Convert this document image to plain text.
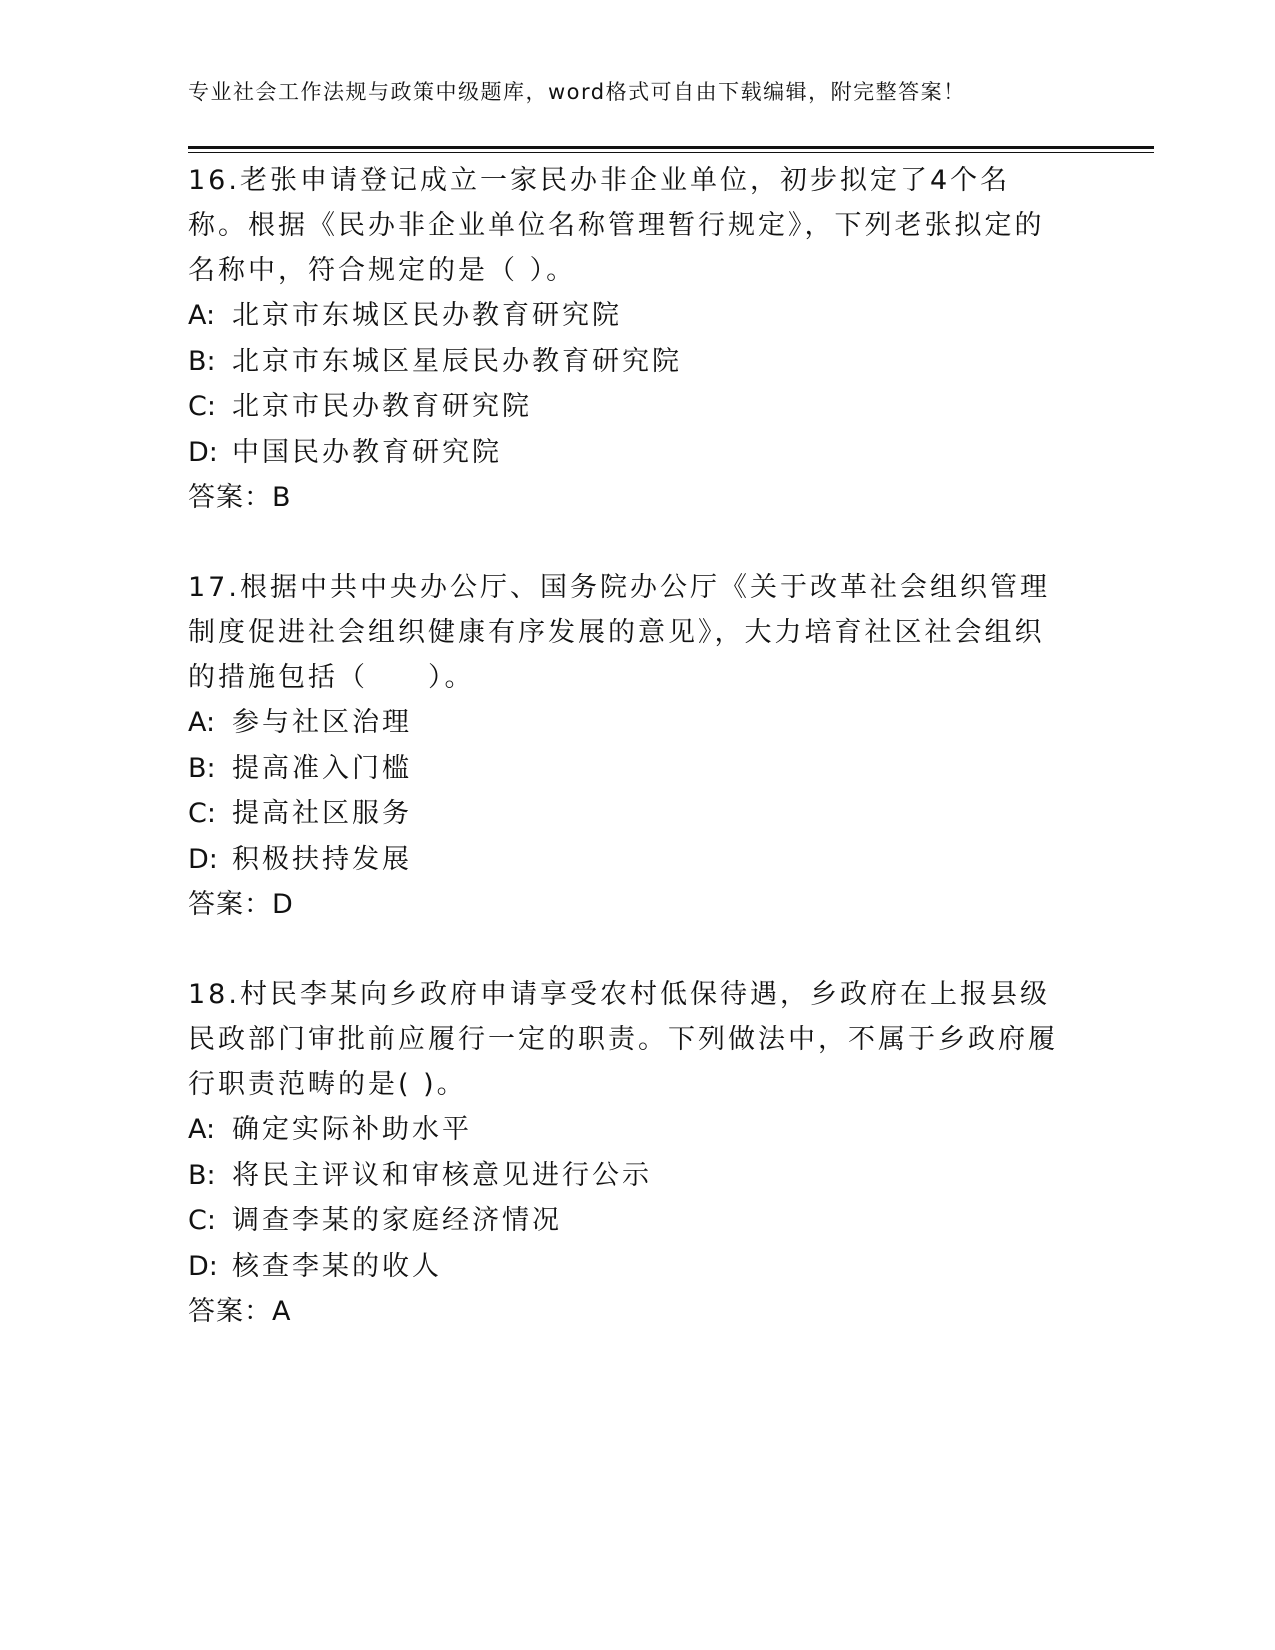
专业社会工作法规与政策中级题库，word格式可自由下载编辑，附完整答案！
16.老张申请登记成立一家民办非企业单位，初步拟定了4个名称。根据《民办非企业单位名称管理暂行规定》，下列老张拟定的名称中，符合规定的是（ ）。
A: 北京市东城区民办教育研究院
B: 北京市东城区星辰民办教育研究院
C: 北京市民办教育研究院
D: 中国民办教育研究院
答案：B
17.根据中共中央办公厅、国务院办公厅《关于改革社会组织管理制度促进社会组织健康有序发展的意见》，大力培育社区社会组织的措施包括（　　）。
A: 参与社区治理
B: 提高准入门槛
C: 提高社区服务
D: 积极扶持发展
答案：D
18.村民李某向乡政府申请享受农村低保待遇，乡政府在上报县级民政部门审批前应履行一定的职责。下列做法中，不属于乡政府履行职责范畴的是( )。
A: 确定实际补助水平
B: 将民主评议和审核意见进行公示
C: 调查李某的家庭经济情况
D: 核查李某的收人
答案：A
